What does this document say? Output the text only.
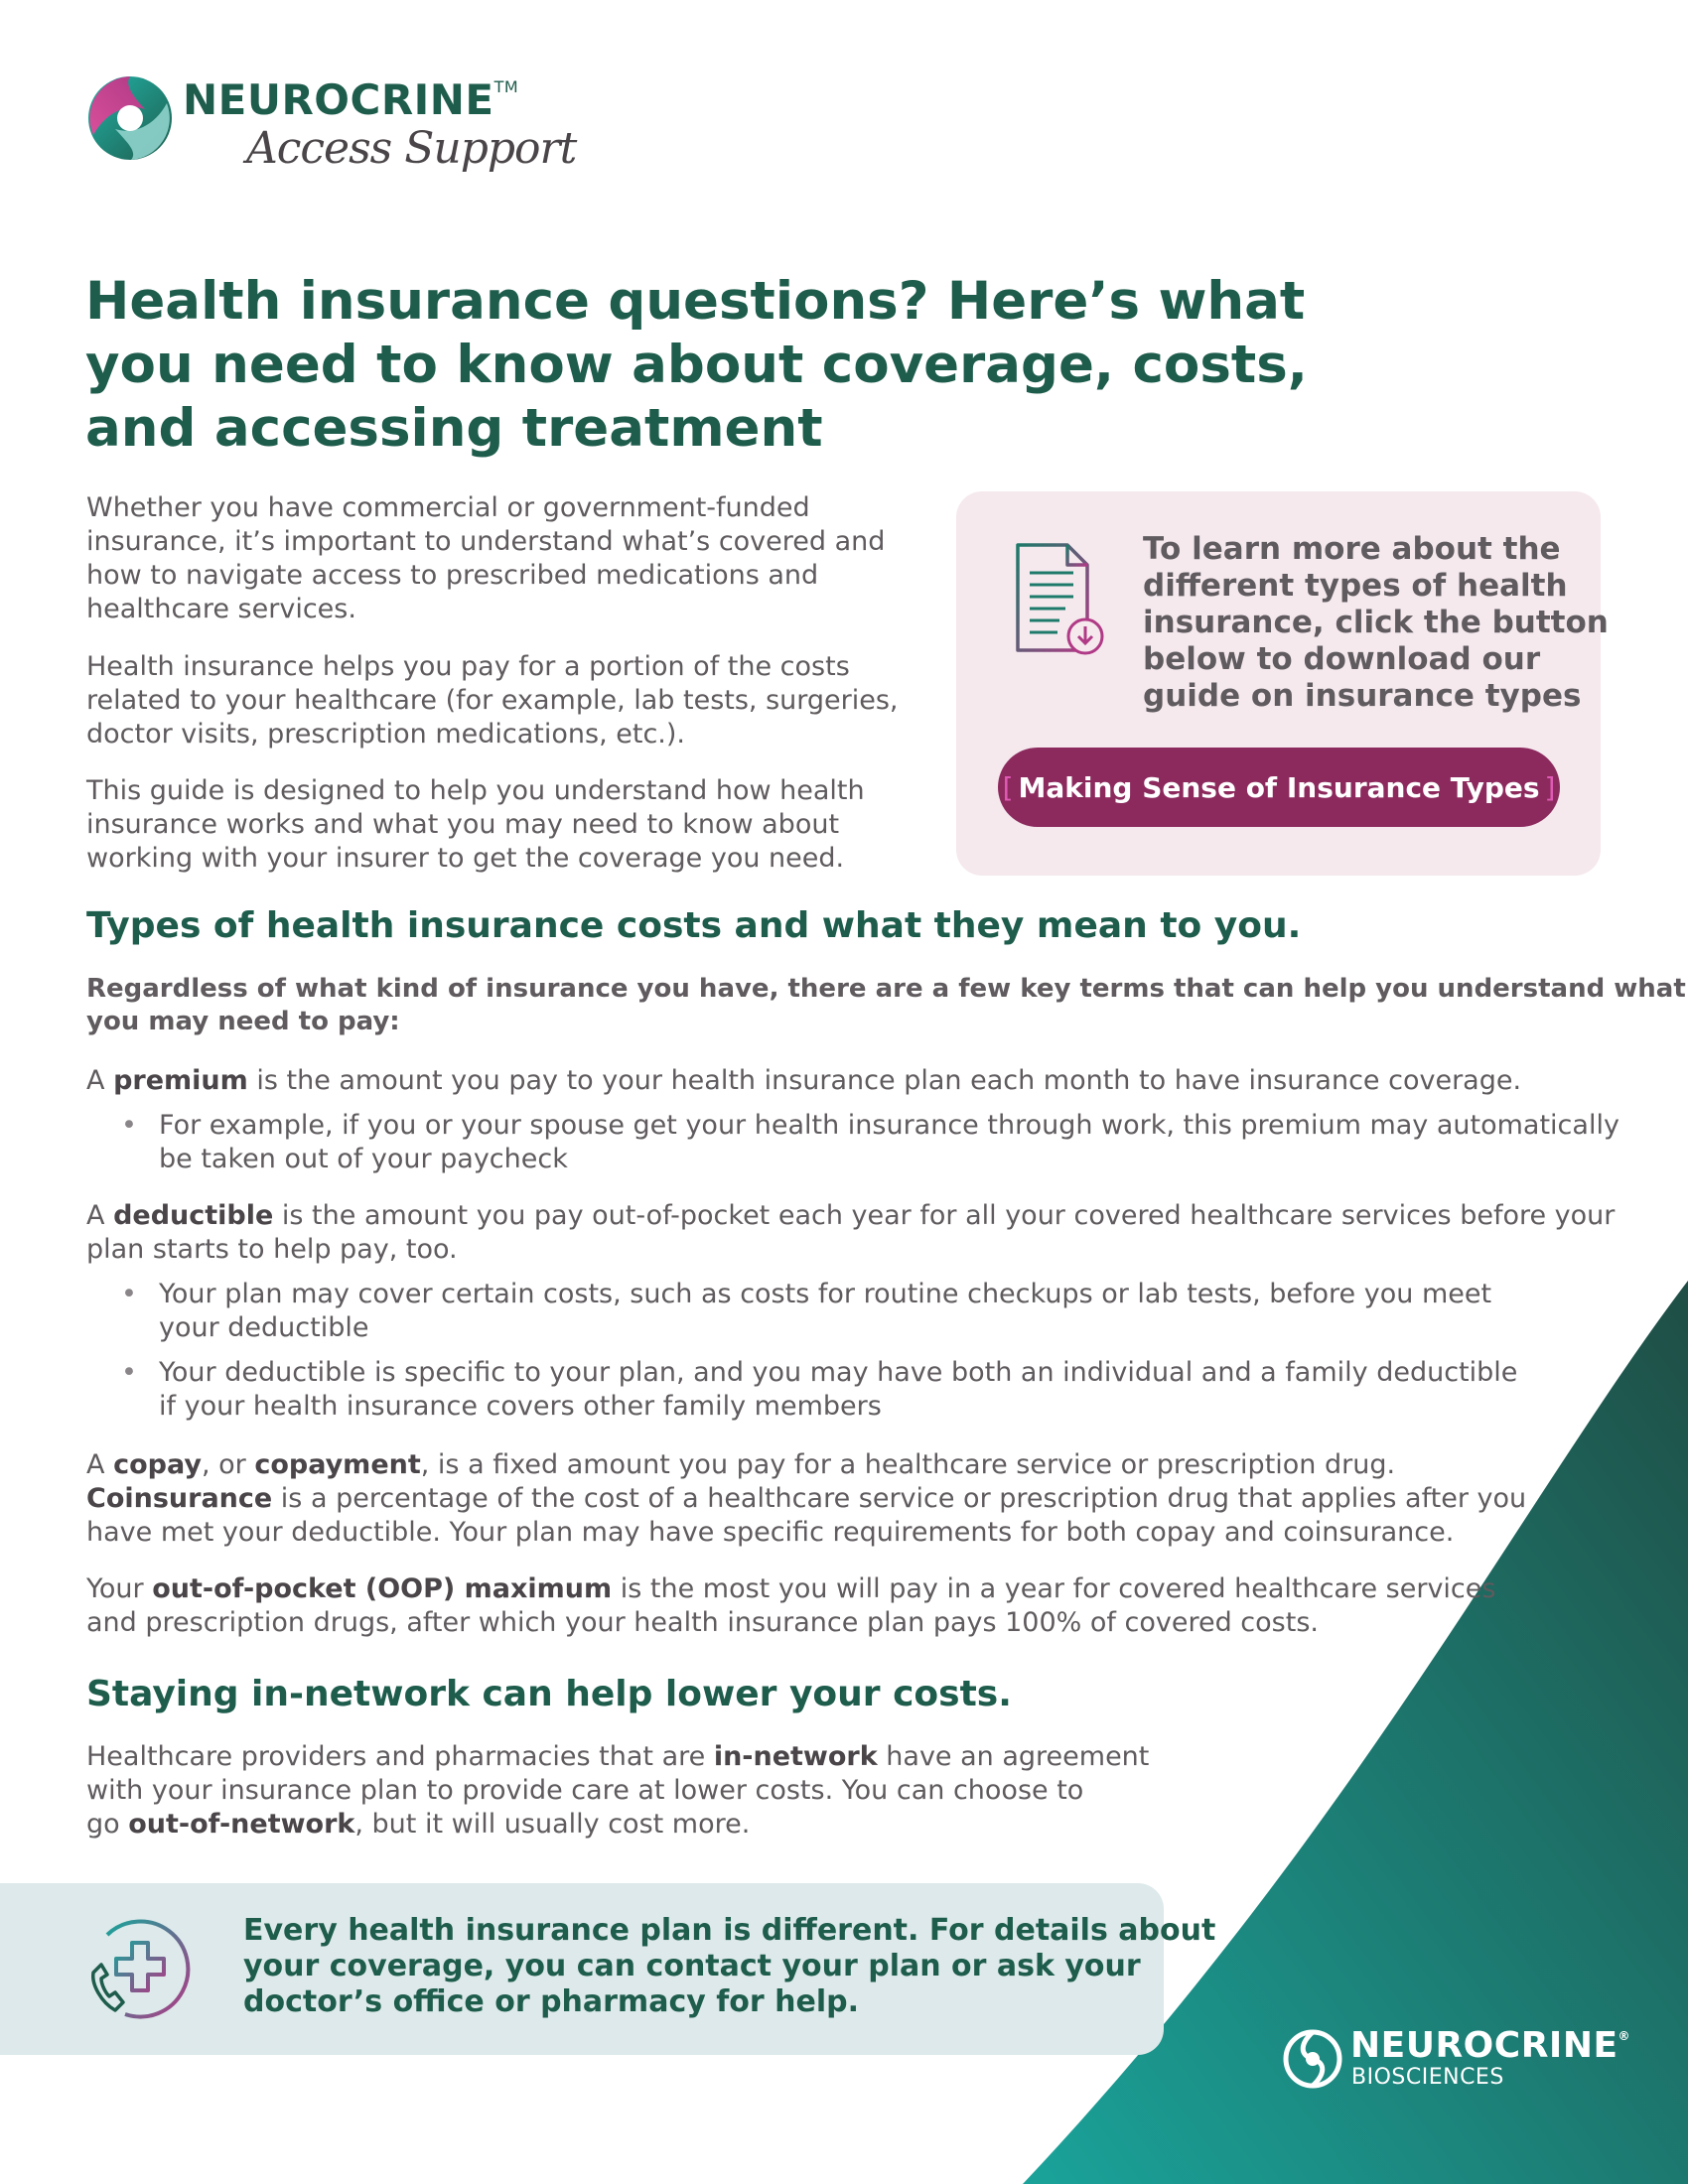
NEUROCRINE™
Access Support
Health insurance questions? Here’s what
you need to know about coverage, costs,
and accessing treatment
Whether you have commercial or government-funded
insurance, it’s important to understand what’s covered and
how to navigate access to prescribed medications and
healthcare services.
Health insurance helps you pay for a portion of the costs
related to your healthcare (for example, lab tests, surgeries,
doctor visits, prescription medications, etc.).
This guide is designed to help you understand how health
insurance works and what you may need to know about
working with your insurer to get the coverage you need.
To learn more about the
different types of health
insurance, click the button
below to download our
guide on insurance types
[ Making Sense of Insurance Types ]
Types of health insurance costs and what they mean to you.
Regardless of what kind of insurance you have, there are a few key terms that can help you understand what
you may need to pay:
A premium is the amount you pay to your health insurance plan each month to have insurance coverage.
• For example, if you or your spouse get your health insurance through work, this premium may automatically
be taken out of your paycheck
A deductible is the amount you pay out-of-pocket each year for all your covered healthcare services before your
plan starts to help pay, too.
• Your plan may cover certain costs, such as costs for routine checkups or lab tests, before you meet
your deductible
• Your deductible is specific to your plan, and you may have both an individual and a family deductible
if your health insurance covers other family members
A copay, or copayment, is a fixed amount you pay for a healthcare service or prescription drug.
Coinsurance is a percentage of the cost of a healthcare service or prescription drug that applies after you
have met your deductible. Your plan may have specific requirements for both copay and coinsurance.
Your out-of-pocket (OOP) maximum is the most you will pay in a year for covered healthcare services
and prescription drugs, after which your health insurance plan pays 100% of covered costs.
Staying in-network can help lower your costs.
Healthcare providers and pharmacies that are in-network have an agreement
with your insurance plan to provide care at lower costs. You can choose to
go out-of-network, but it will usually cost more.
Every health insurance plan is different. For details about
your coverage, you can contact your plan or ask your
doctor’s office or pharmacy for help.
NEUROCRINE®
BIOSCIENCES
